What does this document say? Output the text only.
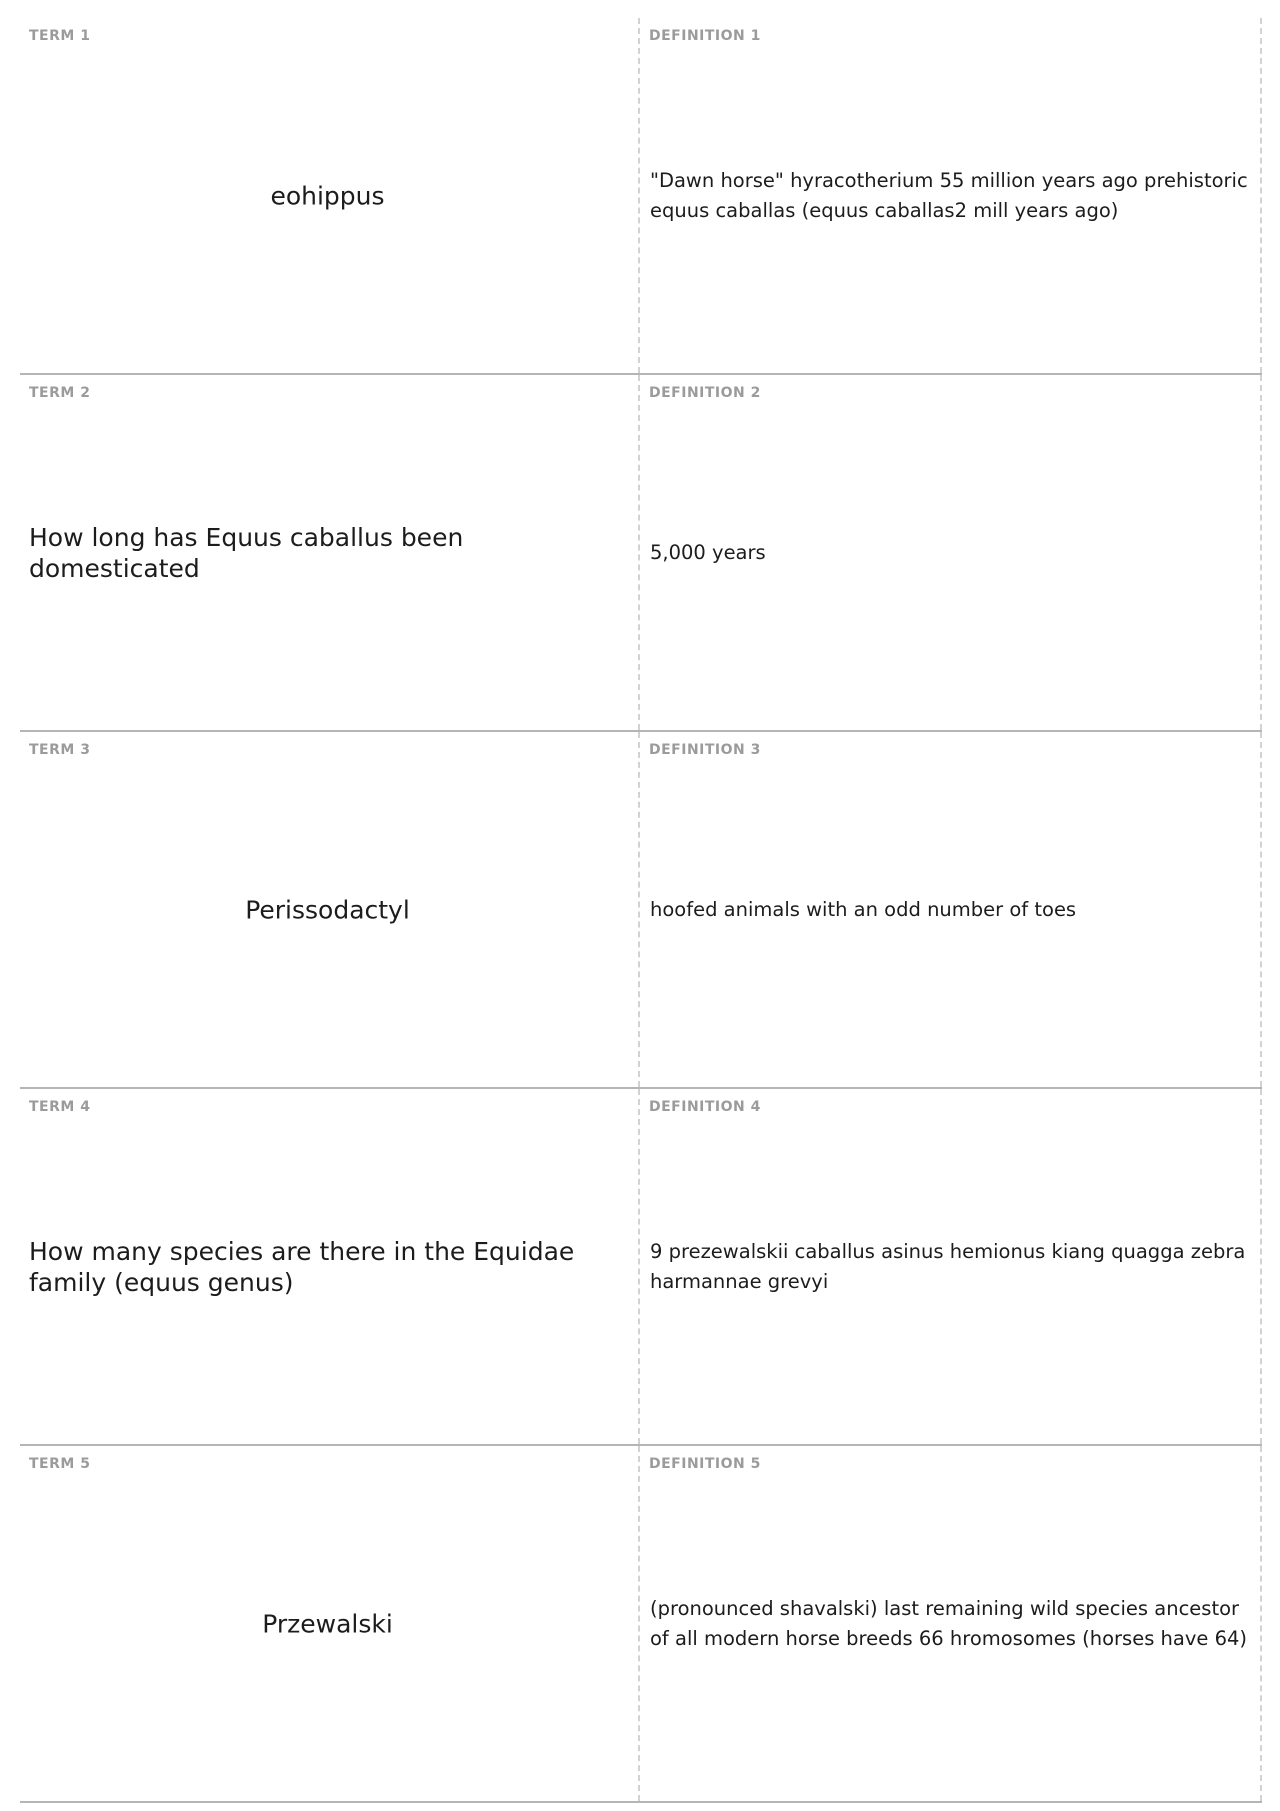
TERM 1
eohippus
DEFINITION 1
"Dawn horse" hyracotherium 55 million years ago prehistoric equus caballas (equus caballas2 mill years ago)
TERM 2
How long has Equus caballus been domesticated
DEFINITION 2
5,000 years
TERM 3
Perissodactyl
DEFINITION 3
hoofed animals with an odd number of toes
TERM 4
How many species are there in the Equidae family (equus genus)
DEFINITION 4
9 prezewalskii caballus asinus hemionus kiang quagga zebra harmannae grevyi
TERM 5
Przewalski
DEFINITION 5
(pronounced shavalski) last remaining wild species ancestor of all modern horse breeds 66 hromosomes (horses have 64)
